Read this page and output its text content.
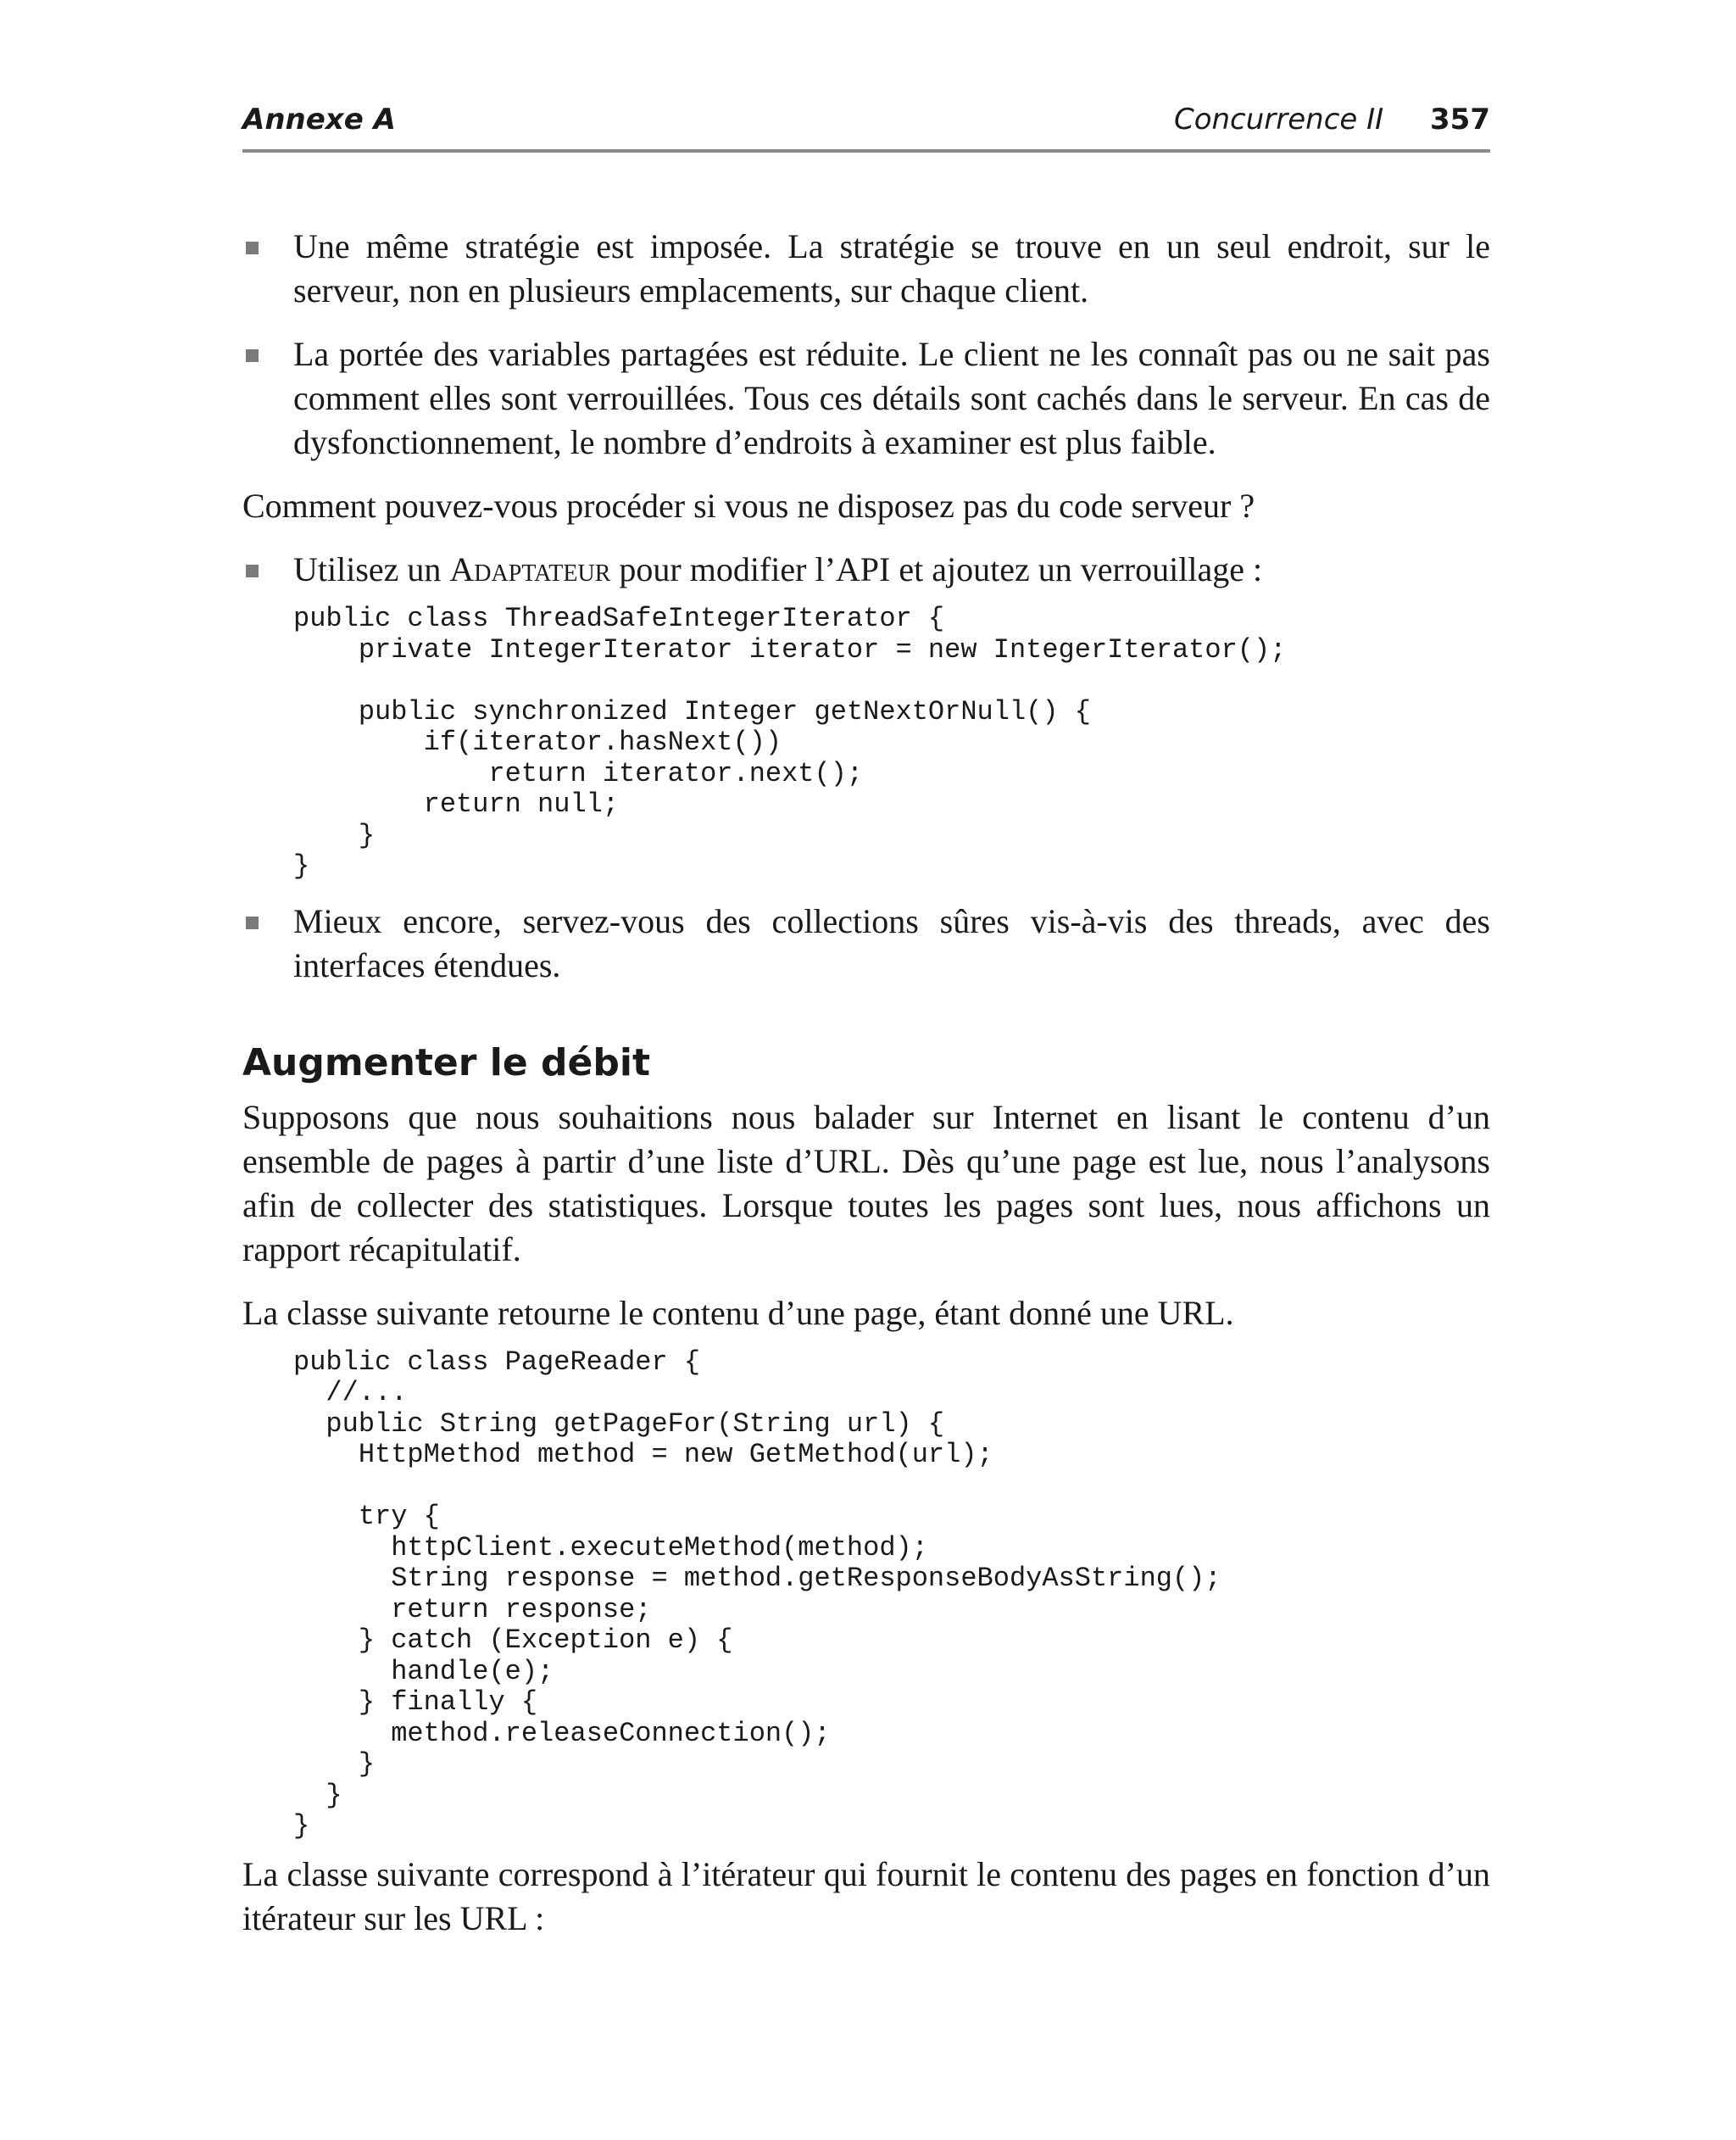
Annexe A	Concurrence II 357
Une même stratégie est imposée. La stratégie se trouve en un seul endroit, sur le serveur, non en plusieurs emplacements, sur chaque client.
La portée des variables partagées est réduite. Le client ne les connaît pas ou ne sait pas comment elles sont verrouillées. Tous ces détails sont cachés dans le serveur. En cas de dysfonctionnement, le nombre d’endroits à examiner est plus faible.

Comment pouvez-vous procéder si vous ne disposez pas du code serveur ?

Utilisez un Adaptateur pour modifier l’API et ajoutez un verrouillage :
public class ThreadSafeIntegerIterator {
private IntegerIterator iterator = new IntegerIterator();

public synchronized Integer getNextOrNull() {
if(iterator.hasNext())
return iterator.next();
return null;
}
}
Mieux encore, servez-vous des collections sûres vis-à-vis des threads, avec des interfaces étendues.
Augmenter le débit

Supposons que nous souhaitions nous balader sur Internet en lisant le contenu d’un ensemble de pages à partir d’une liste d’URL. Dès qu’une page est lue, nous l’analysons afin de collecter des statistiques. Lorsque toutes les pages sont lues, nous affichons un rapport récapitulatif.

La classe suivante retourne le contenu d’une page, étant donné une URL.

public class PageReader {
//...
public String getPageFor(String url) {
HttpMethod method = new GetMethod(url);

try {
httpClient.executeMethod(method);
String response = method.getResponseBodyAsString();
return response;
} catch (Exception e) {
handle(e);
} finally {
method.releaseConnection();
}
}
}

La classe suivante correspond à l’itérateur qui fournit le contenu des pages en fonction d’un itérateur sur les URL :
